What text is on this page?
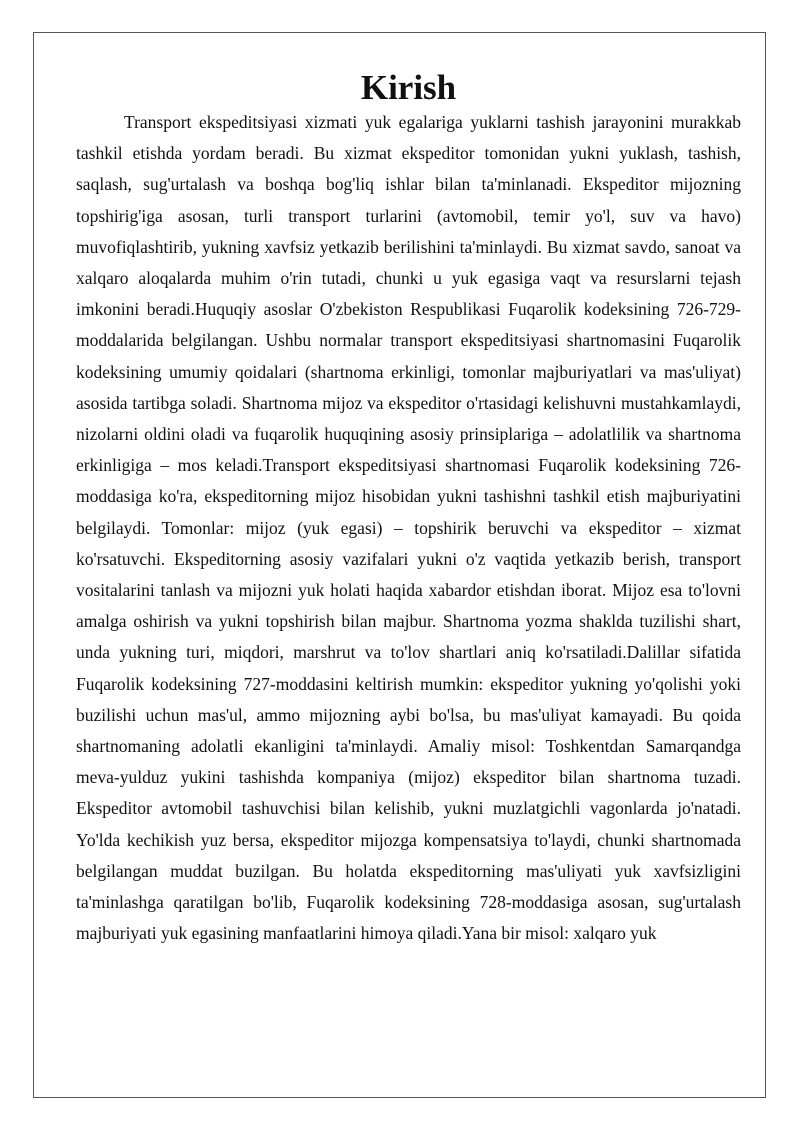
Kirish

Transport ekspeditsiyasi xizmati yuk egalariga yuklarni tashish jarayonini murakkab tashkil etishda yordam beradi. Bu xizmat ekspeditor tomonidan yukni yuklash, tashish, saqlash, sug'urtalash va boshqa bog'liq ishlar bilan ta'minlanadi. Ekspeditor mijozning topshirig'iga asosan, turli transport turlarini (avtomobil, temir yo'l, suv va havo) muvofiqlashtirib, yukning xavfsiz yetkazib berilishini ta'minlaydi. Bu xizmat savdo, sanoat va xalqaro aloqalarda muhim o'rin tutadi, chunki u yuk egasiga vaqt va resurslarni tejash imkonini beradi.Huquqiy asoslar O'zbekiston Respublikasi Fuqarolik kodeksining 726-729-moddalarida belgilangan. Ushbu normalar transport ekspeditsiyasi shartnomasini Fuqarolik kodeksining umumiy qoidalari (shartnoma erkinligi, tomonlar majburiyatlari va mas'uliyat) asosida tartibga soladi. Shartnoma mijoz va ekspeditor o'rtasidagi kelishuvni mustahkamlaydi, nizolarni oldini oladi va fuqarolik huquqining asosiy prinsiplariga – adolatlilik va shartnoma erkinligiga – mos keladi.Transport ekspeditsiyasi shartnomasi Fuqarolik kodeksining 726-moddasiga ko'ra, ekspeditorning mijoz hisobidan yukni tashishni tashkil etish majburiyatini belgilaydi. Tomonlar: mijoz (yuk egasi) – topshirik beruvchi va ekspeditor – xizmat ko'rsatuvchi. Ekspeditorning asosiy vazifalari yukni o'z vaqtida yetkazib berish, transport vositalarini tanlash va mijozni yuk holati haqida xabardor etishdan iborat. Mijoz esa to'lovni amalga oshirish va yukni topshirish bilan majbur. Shartnoma yozma shaklda tuzilishi shart, unda yukning turi, miqdori, marshrut va to'lov shartlari aniq ko'rsatiladi.Dalillar sifatida Fuqarolik kodeksining 727-moddasini keltirish mumkin: ekspeditor yukning yo'qolishi yoki buzilishi uchun mas'ul, ammo mijozning aybi bo'lsa, bu mas'uliyat kamayadi. Bu qoida shartnomaning adolatli ekanligini ta'minlaydi. Amaliy misol: Toshkentdan Samarqandga meva-yulduz yukini tashishda kompaniya (mijoz) ekspeditor bilan shartnoma tuzadi. Ekspeditor avtomobil tashuvchisi bilan kelishib, yukni muzlatgichli vagonlarda jo'natadi. Yo'lda kechikish yuz bersa, ekspeditor mijozga kompensatsiya to'laydi, chunki shartnomada belgilangan muddat buzilgan. Bu holatda ekspeditorning mas'uliyati yuk xavfsizligini ta'minlashga qaratilgan bo'lib, Fuqarolik kodeksining 728-moddasiga asosan, sug'urtalash majburiyati yuk egasining manfaatlarini himoya qiladi.Yana bir misol: xalqaro yuk
